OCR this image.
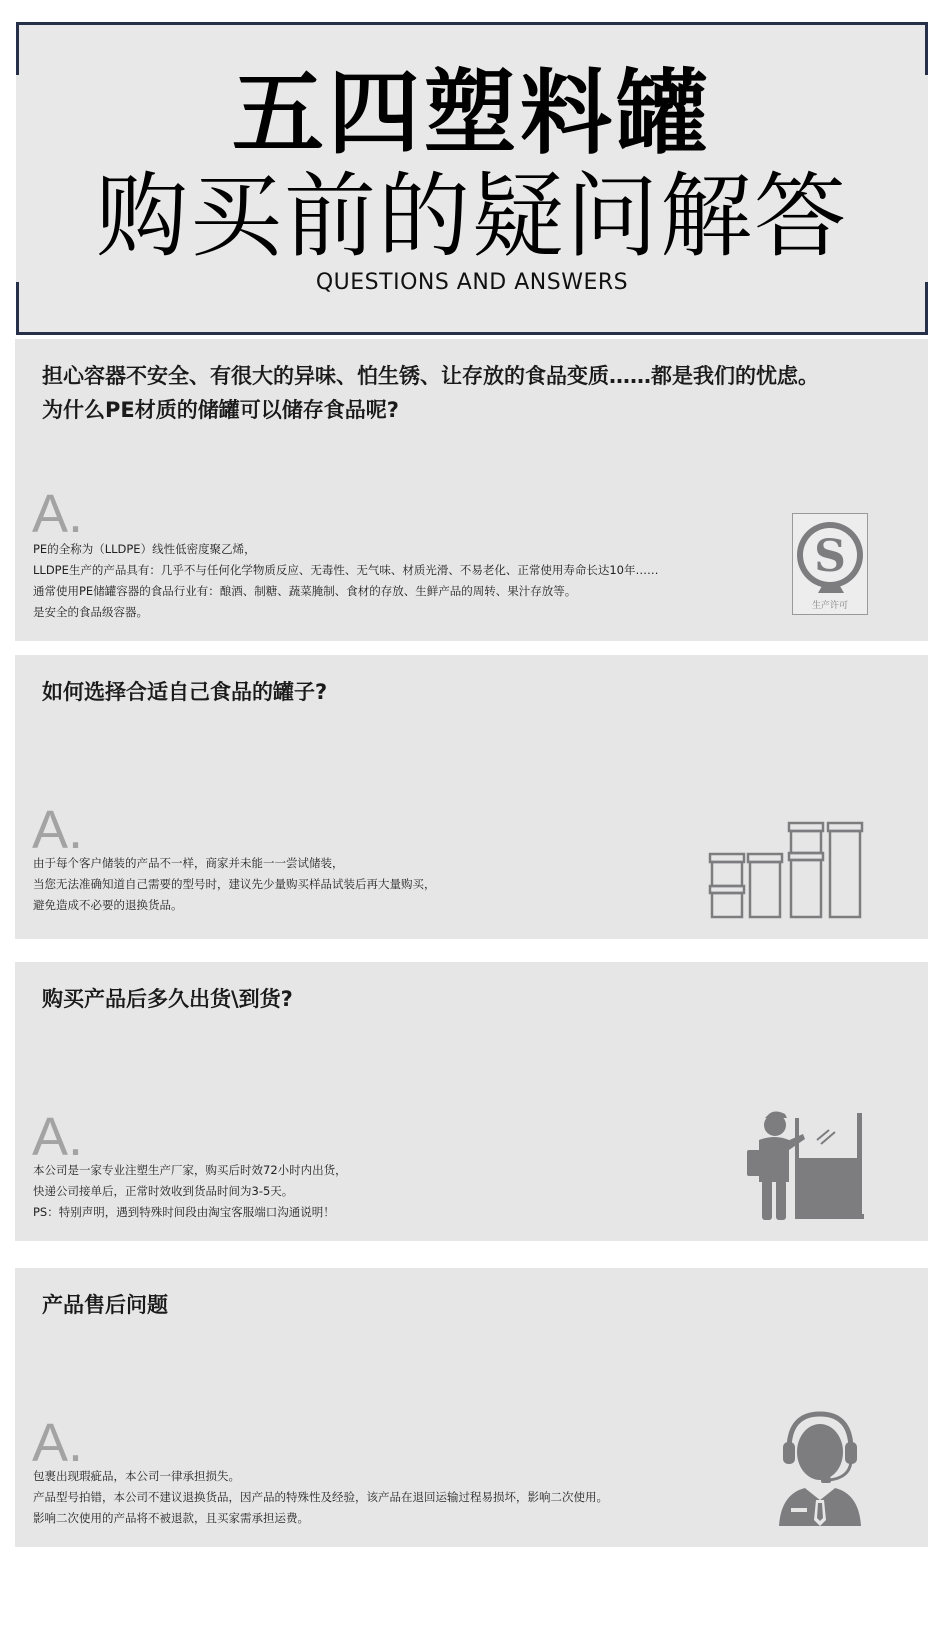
五四塑料罐
购买前的疑问解答
QUESTIONS AND ANSWERS
担心容器不安全、有很大的异味、怕生锈、让存放的食品变质……都是我们的忧虑。
为什么PE材质的储罐可以储存食品呢?
A.
PE的全称为（LLDPE）线性低密度聚乙烯，
LLDPE生产的产品具有：几乎不与任何化学物质反应、无毒性、无气味、材质光滑、不易老化、正常使用寿命长达10年……
通常使用PE储罐容器的食品行业有：酿酒、制糖、蔬菜腌制、食材的存放、生鲜产品的周转、果汁存放等。
是安全的食品级容器。
S
生产许可
如何选择合适自己食品的罐子?
A.
由于每个客户储装的产品不一样，商家并未能一一尝试储装，
当您无法准确知道自己需要的型号时，建议先少量购买样品试装后再大量购买，
避免造成不必要的退换货品。
购买产品后多久出货\到货?
A.
本公司是一家专业注塑生产厂家，购买后时效72小时内出货，
快递公司接单后，正常时效收到货品时间为3-5天。
PS：特别声明，遇到特殊时间段由淘宝客服端口沟通说明！
产品售后问题
A.
包裹出现瑕疵品，本公司一律承担损失。
产品型号拍错，本公司不建议退换货品，因产品的特殊性及经验，该产品在退回运输过程易损坏，影响二次使用。
影响二次使用的产品将不被退款，且买家需承担运费。
